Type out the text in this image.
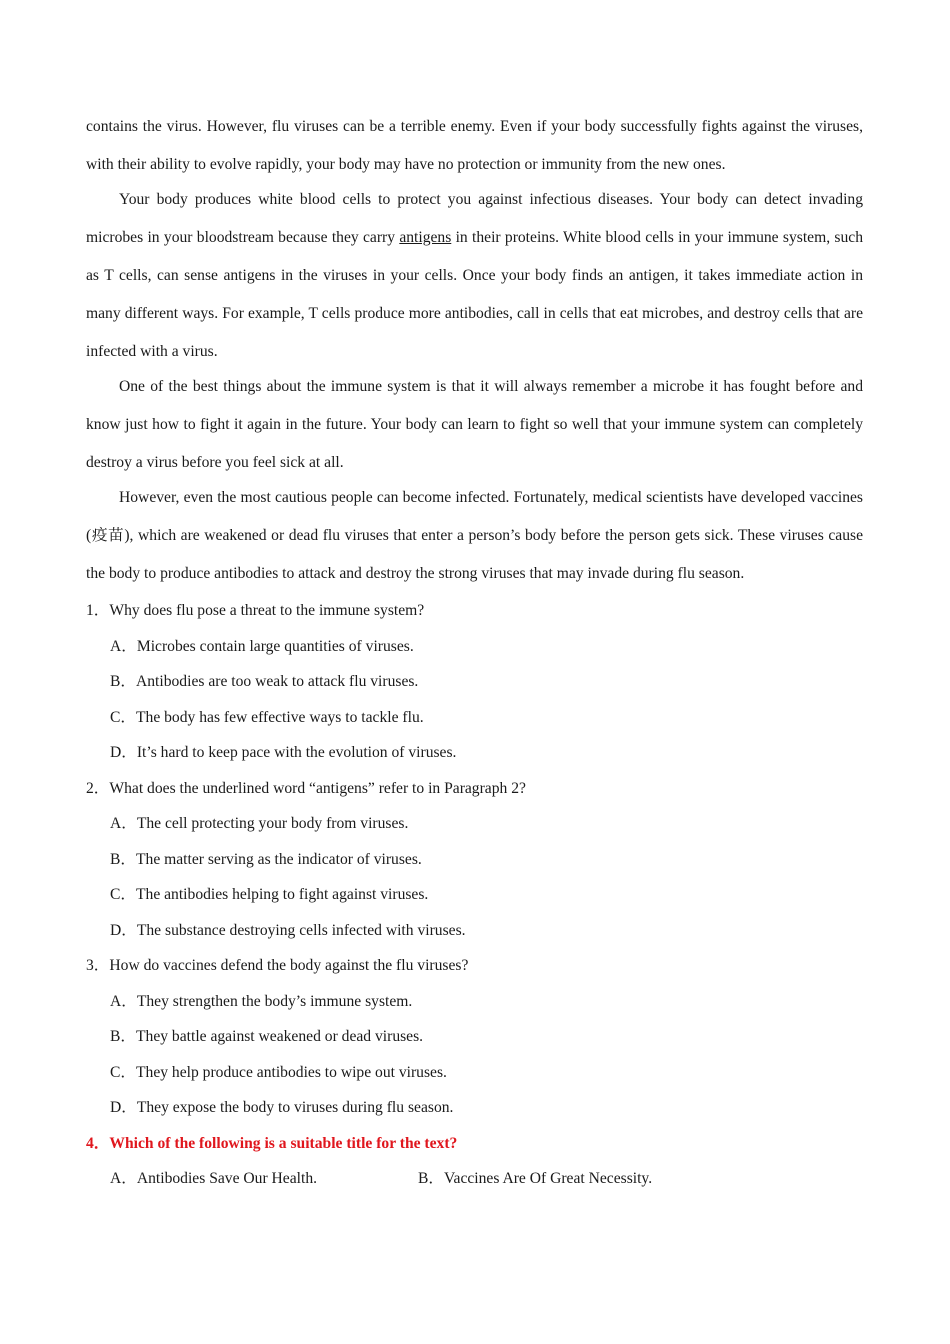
contains the virus. However, flu viruses can be a terrible enemy. Even if your body successfully fights against the viruses, with their ability to evolve rapidly, your body may have no protection or immunity from the new ones.

Your body produces white blood cells to protect you against infectious diseases. Your body can detect invading microbes in your bloodstream because they carry antigens in their proteins. White blood cells in your immune system, such as T cells, can sense antigens in the viruses in your cells. Once your body finds an antigen, it takes immediate action in many different ways. For example, T cells produce more antibodies, call in cells that eat microbes, and destroy cells that are infected with a virus.

One of the best things about the immune system is that it will always remember a microbe it has fought before and know just how to fight it again in the future. Your body can learn to fight so well that your immune system can completely destroy a virus before you feel sick at all.

However, even the most cautious people can become infected. Fortunately, medical scientists have developed vaccines (疫苗), which are weakened or dead flu viruses that enter a person’s body before the person gets sick. These viruses cause the body to produce antibodies to attack and destroy the strong viruses that may invade during flu season.

1．Why does flu pose a threat to the immune system?
A．Microbes contain large quantities of viruses.
B．Antibodies are too weak to attack flu viruses.
C．The body has few effective ways to tackle flu.
D．It’s hard to keep pace with the evolution of viruses.
2．What does the underlined word “antigens” refer to in Paragraph 2?
A．The cell protecting your body from viruses.
B．The matter serving as the indicator of viruses.
C．The antibodies helping to fight against viruses.
D．The substance destroying cells infected with viruses.
3．How do vaccines defend the body against the flu viruses?
A．They strengthen the body’s immune system.
B．They battle against weakened or dead viruses.
C．They help produce antibodies to wipe out viruses.
D．They expose the body to viruses during flu season.
4．Which of the following is a suitable title for the text?
A．Antibodies Save Our Health.	B．Vaccines Are Of Great Necessity.
